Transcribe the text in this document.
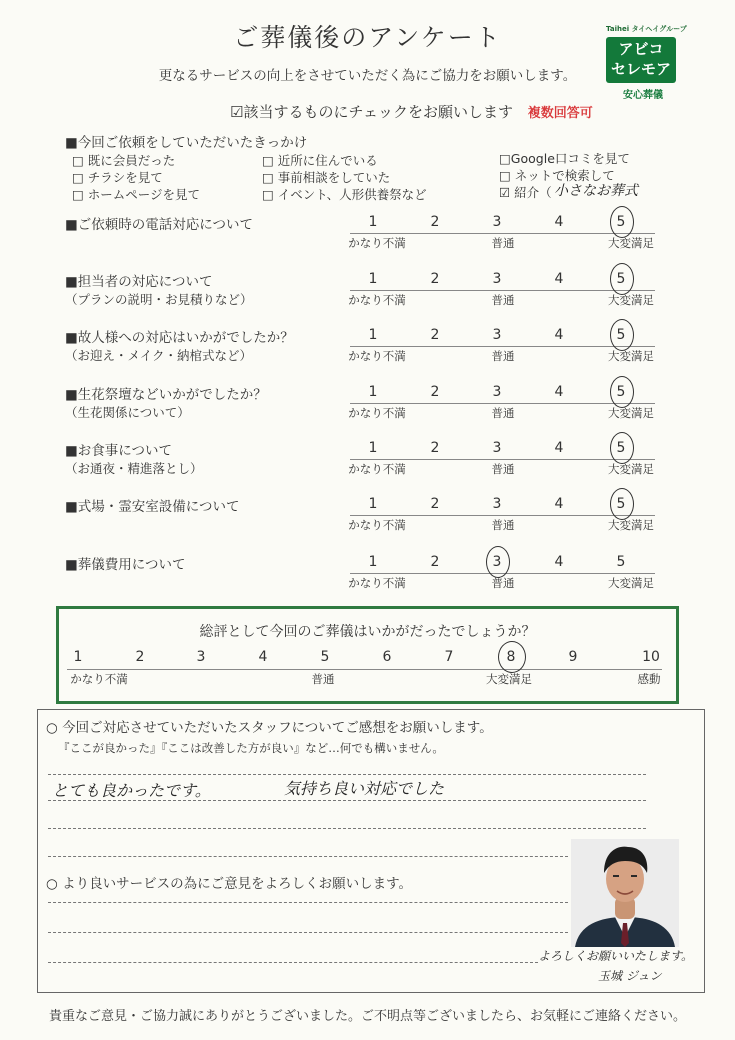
ご葬儀後のアンケート
更なるサービスの向上をさせていただく為にご協力をお願いします。
Taihei タイヘイグループ
アビコ
セレモア
安心葬儀
☑該当するものにチェックをお願いします 複数回答可
■今回ご依頼をしていただいたきっかけ
□ 既に会員だった
□ チラシを見て
□ ホームページを見て
□ 近所に住んでいる
□ 事前相談をしていた
□ イベント、人形供養祭など
□Google口コミを見て
□ ネットで検索して
☑ 紹介（ 小さなお葬式
■ご依頼時の電話対応について	1	2	3	4	5
かなり不満	普通	大変満足
■担当者の対応について
（プランの説明・お見積りなど）
1	2	3	4	5
かなり不満	普通	大変満足
■故人様への対応はいかがでしたか？
（お迎え・メイク・納棺式など）
1	2	3	4	5
かなり不満	普通	大変満足
■生花祭壇などいかがでしたか？
（生花関係について）
1	2	3	4	5
かなり不満	普通	大変満足
■お食事について
（お通夜・精進落とし）
1	2	3	4	5
かなり不満	普通	大変満足
■式場・霊安室設備について	1	2	3	4	5
かなり不満	普通	大変満足
■葬儀費用について	1	2	3	4	5
かなり不満	普通	大変満足
総評として今回のご葬儀はいかがだったでしょうか？
1	2	3	4	5	6	7	8	9	10
かなり不満	普通	大変満足	感動
○ 今回ご対応させていただいたスタッフについてご感想をお願いします。
『ここが良かった』『ここは改善した方が良い』など…何でも構いません。
とても良かったです。	気持ち良い対応でした
○ より良いサービスの為にご意見をよろしくお願いします。
よろしくお願いいたします。
玉城 ジュン
貴重なご意見・ご協力誠にありがとうございました。ご不明点等ございましたら、お気軽にご連絡ください。
